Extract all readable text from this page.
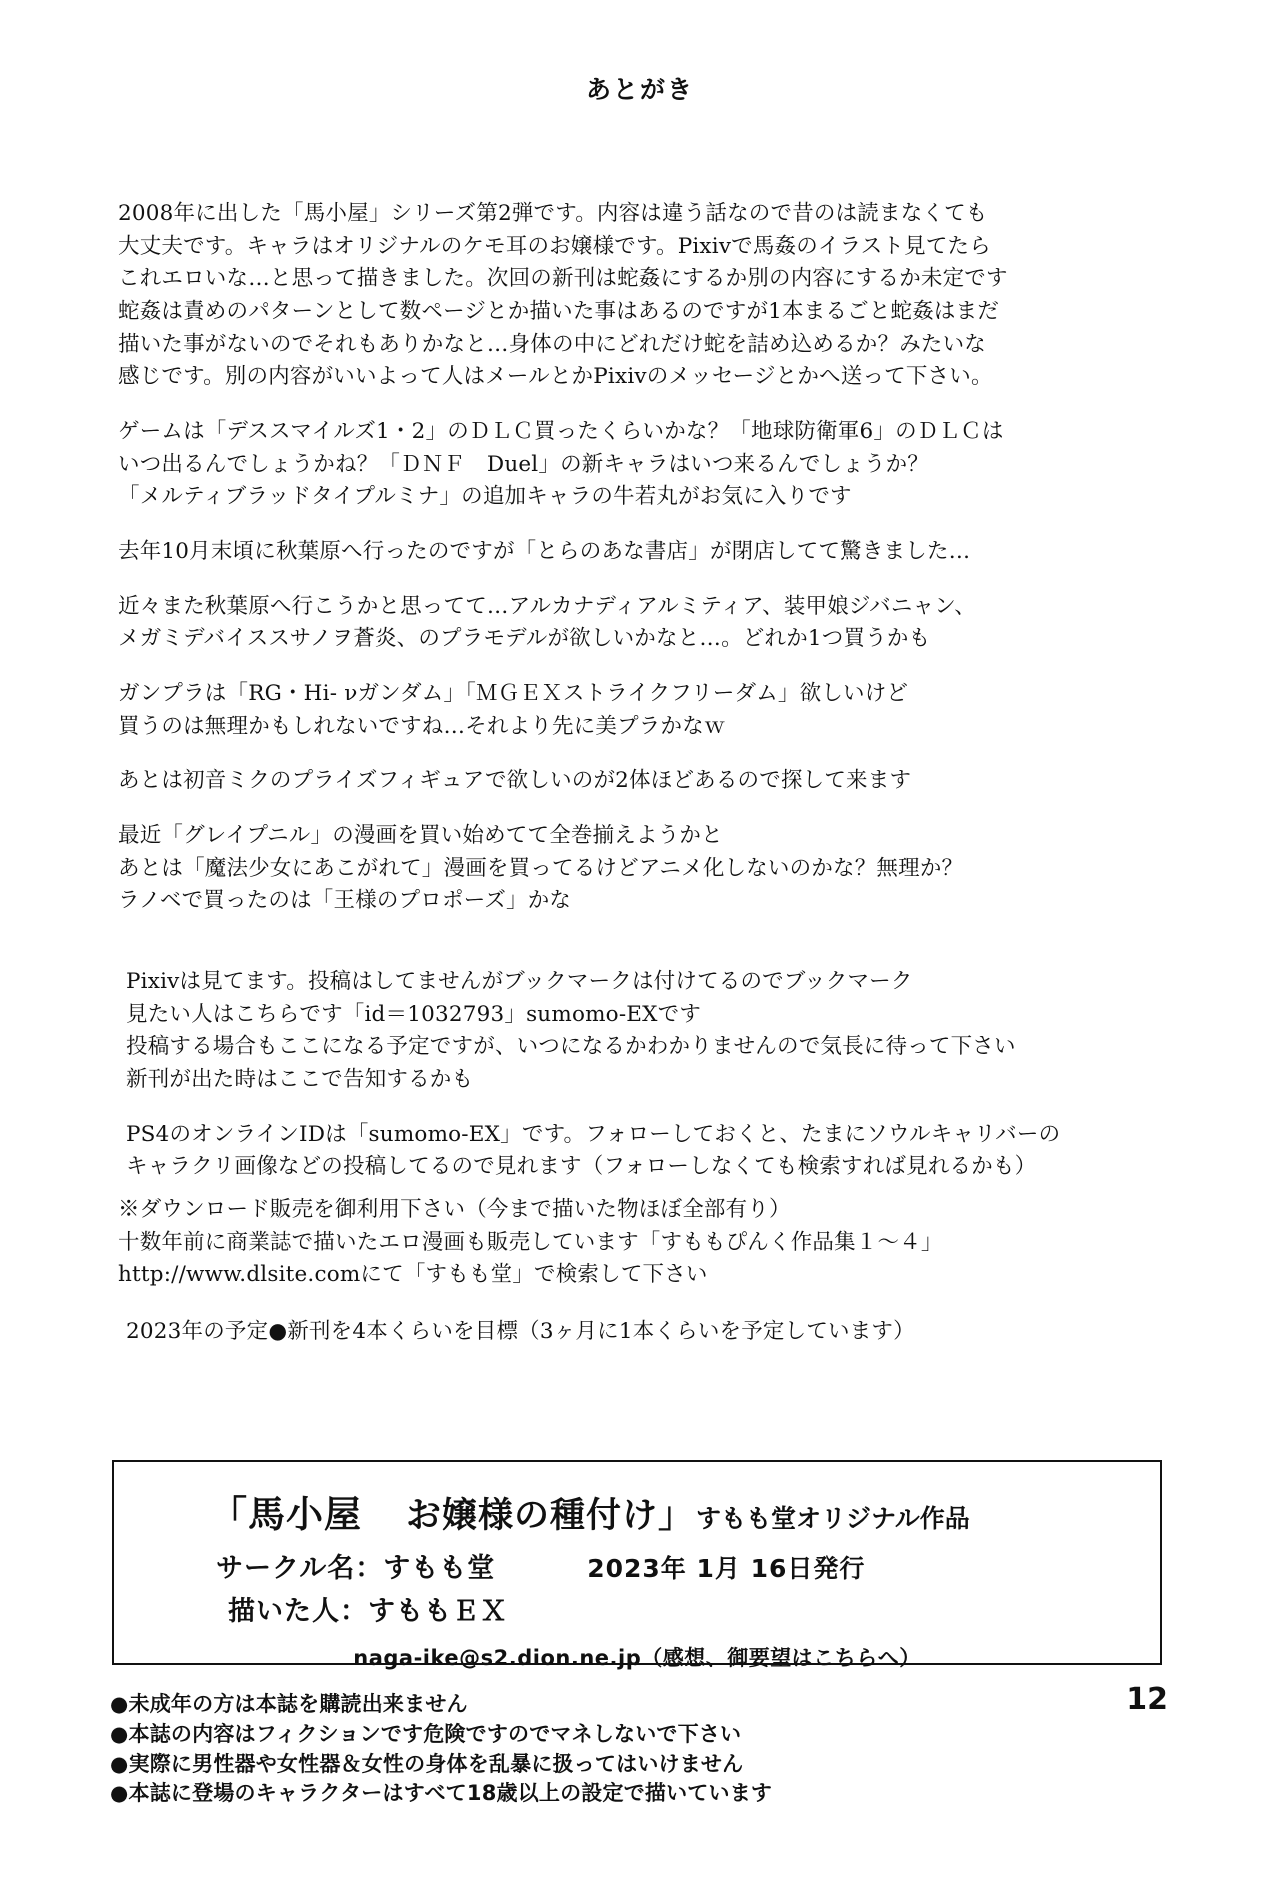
あとがき

2008年に出した「馬小屋」シリーズ第2弾です。内容は違う話なので昔のは読まなくても

大丈夫です。キャラはオリジナルのケモ耳のお嬢様です。Pixivで馬姦のイラスト見てたら

これエロいな…と思って描きました。次回の新刊は蛇姦にするか別の内容にするか未定です

蛇姦は責めのパターンとして数ページとか描いた事はあるのですが1本まるごと蛇姦はまだ

描いた事がないのでそれもありかなと…身体の中にどれだけ蛇を詰め込めるか？みたいな

感じです。別の内容がいいよって人はメールとかPixivのメッセージとかへ送って下さい。

ゲームは「デススマイルズ1・2」のＤＬＣ買ったくらいかな？「地球防衛軍6」のＤＬＣは

いつ出るんでしょうかね？「ＤＮＦ　Duel」の新キャラはいつ来るんでしょうか？

「メルティブラッドタイプルミナ」の追加キャラの牛若丸がお気に入りです

去年10月末頃に秋葉原へ行ったのですが「とらのあな書店」が閉店してて驚きました…

近々また秋葉原へ行こうかと思ってて…アルカナディアルミティア、装甲娘ジバニャン、

メガミデバイススサノヲ蒼炎、のプラモデルが欲しいかなと…。どれか1つ買うかも

ガンプラは「RG・Hi- νガンダム」「ＭＧＥＸストライクフリーダム」欲しいけど

買うのは無理かもしれないですね…それより先に美プラかなｗ

あとは初音ミクのプライズフィギュアで欲しいのが2体ほどあるので探して来ます

最近「グレイプニル」の漫画を買い始めてて全巻揃えようかと

あとは「魔法少女にあこがれて」漫画を買ってるけどアニメ化しないのかな？無理か？

ラノベで買ったのは「王様のプロポーズ」かな

Pixivは見てます。投稿はしてませんがブックマークは付けてるのでブックマーク

見たい人はこちらです「id＝1032793」sumomo-EXです

投稿する場合もここになる予定ですが、いつになるかわかりませんので気長に待って下さい

新刊が出た時はここで告知するかも

PS4のオンラインIDは「sumomo-EX」です。フォローしておくと、たまにソウルキャリバーの

キャラクリ画像などの投稿してるので見れます（フォローしなくても検索すれば見れるかも）

※ダウンロード販売を御利用下さい（今まで描いた物ほぼ全部有り）

十数年前に商業誌で描いたエロ漫画も販売しています「すももぴんく作品集１〜４」

http://www.dlsite.comにて「すもも堂」で検索して下さい

2023年の予定●新刊を4本くらいを目標（3ヶ月に1本くらいを予定しています）

「馬小屋 お嬢様の種付け」 すもも堂オリジナル作品
サークル名：すもも堂	2023年 1月 16日発行
描いた人：すももＥＸ
naga-ike@s2.dion.ne.jp（感想、御要望はこちらへ）
●未成年の方は本誌を購読出来ません
●本誌の内容はフィクションです危険ですのでマネしないで下さい
●実際に男性器や女性器＆女性の身体を乱暴に扱ってはいけません
●本誌に登場のキャラクターはすべて18歳以上の設定で描いています
12
